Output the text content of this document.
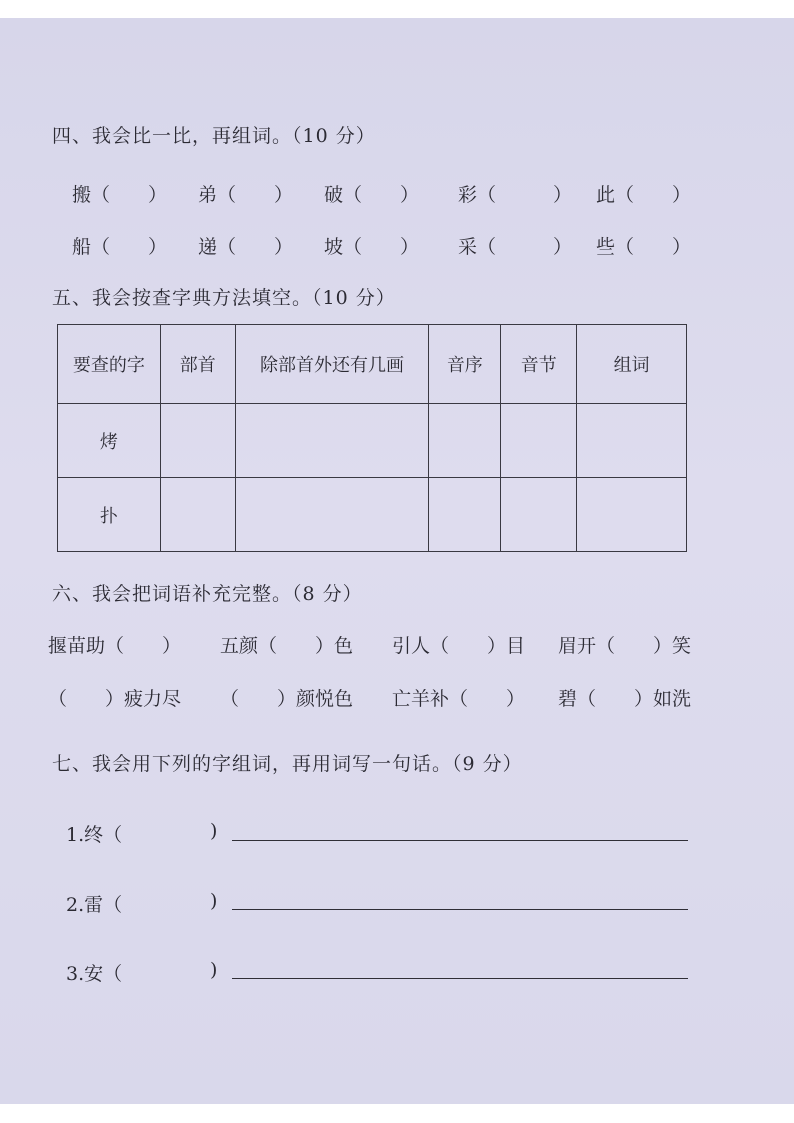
四、我会比一比，再组词。（10 分）
搬（　　） 弟（　　） 破（　　） 彩（　　　） 此（　　）
船（　　） 递（　　） 坡（　　） 采（　　　） 些（　　）
五、我会按查字典方法填空。（10 分）
要查的字	部首	除部首外还有几画	音序	音节	组词
烤					
扑					
六、我会把词语补充完整。（8 分）
揠苗助（　　） 五颜（　　）色 引人（　　）目 眉开（　　）笑
（　　）疲力尽 （　　）颜悦色 亡羊补（　　） 碧（　　）如洗
七、我会用下列的字组词，再用词写一句话。（9 分）
1.终（	)
2.雷（	)
3.安（	)
